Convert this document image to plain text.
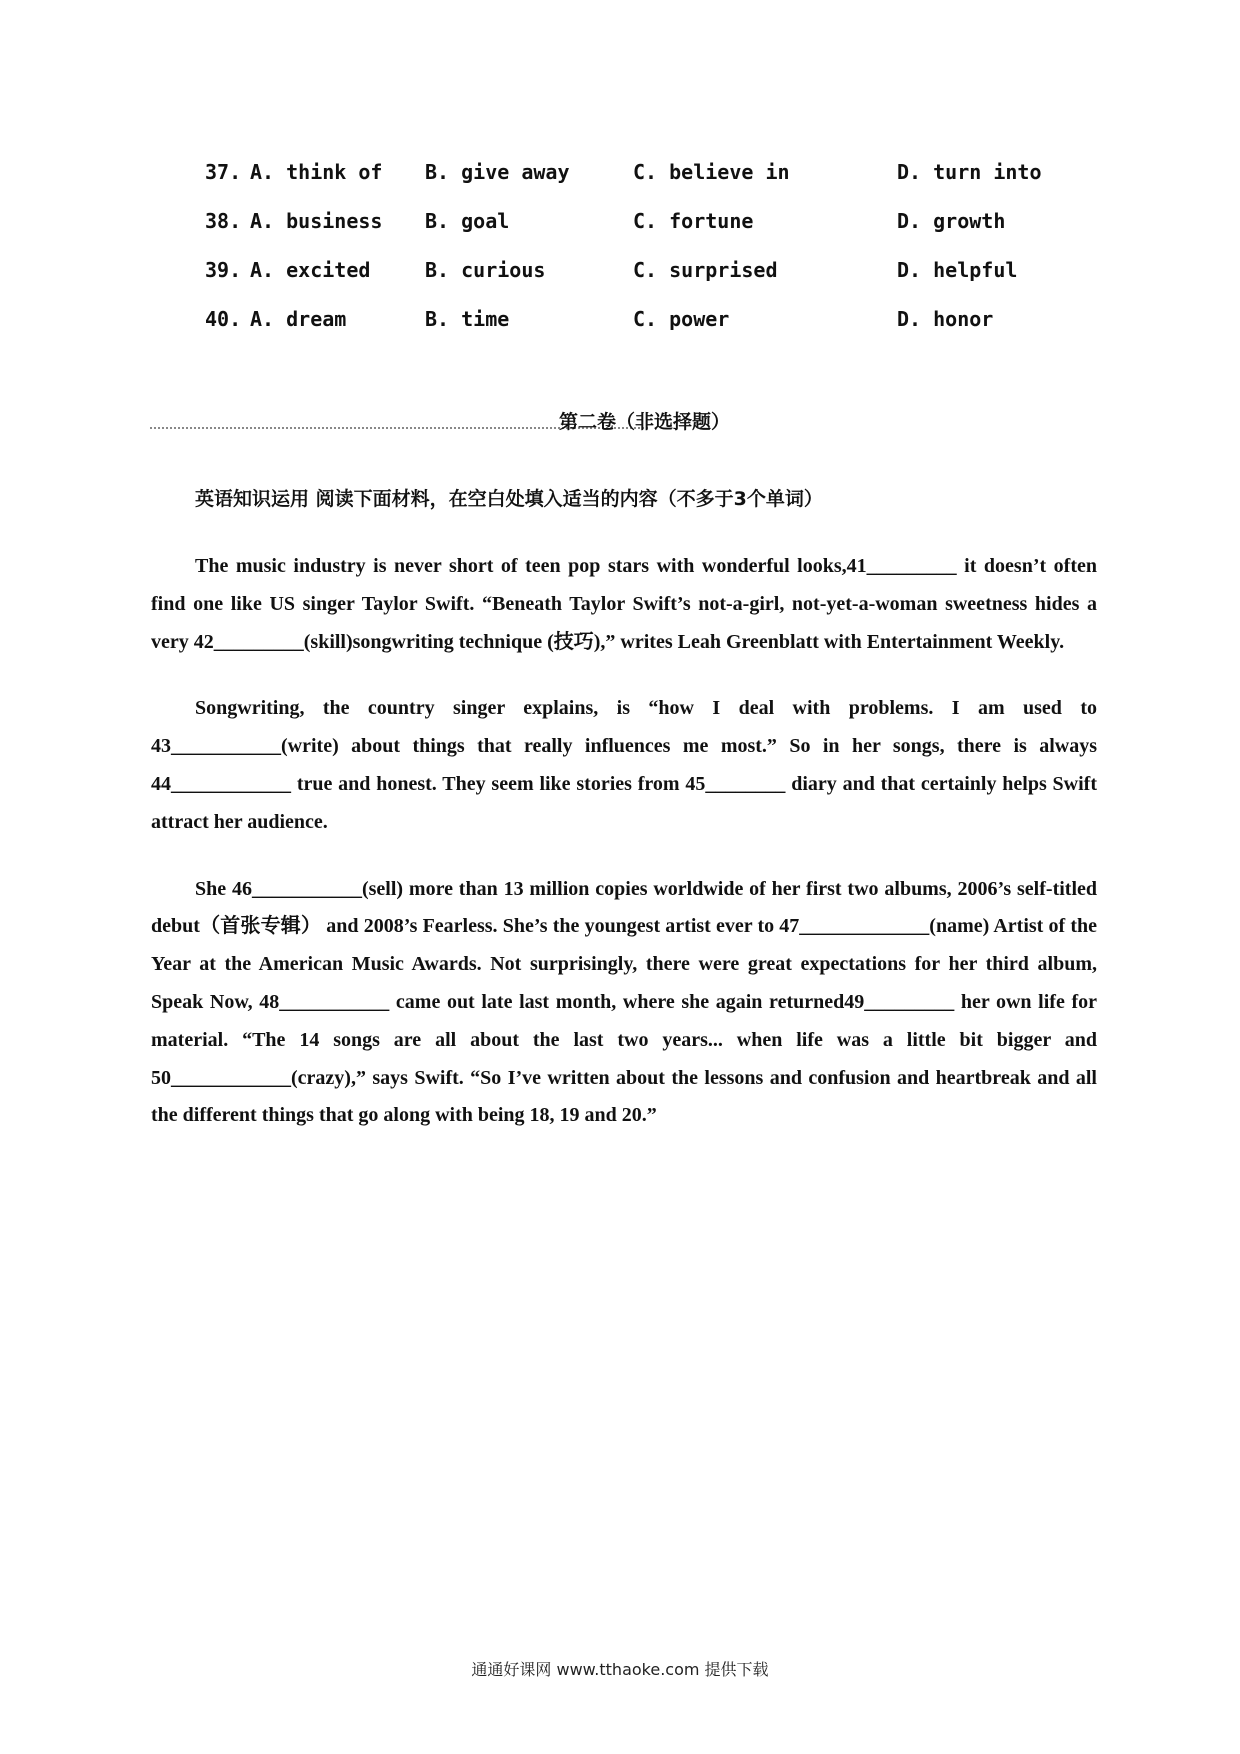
37. A. think of B. give away	C. believe in	D. turn into
38. A. business B. goal	C. fortune	D. growth
39. A. excited	B. curious	C. surprised	D. helpful
40. A. dream	B. time	C. power	D. honor
第二卷（非选择题）
英语知识运用 阅读下面材料，在空白处填入适当的内容（不多于3个单词）

The music industry is never short of teen pop stars with wonderful looks,41_________ it doesn’t often find one like US singer Taylor Swift. “Beneath Taylor Swift’s not-a-girl, not-yet-a-woman sweetness hides a very 42_________(skill)songwriting technique (技巧),” writes Leah Greenblatt with Entertainment Weekly.

Songwriting, the country singer explains, is “how I deal with problems. I am used to 43___________(write) about things that really influences me most.” So in her songs, there is always 44____________ true and honest. They seem like stories from 45________ diary and that certainly helps Swift attract her audience.

She 46___________(sell) more than 13 million copies worldwide of her first two albums, 2006’s self-titled debut（首张专辑） and 2008’s Fearless. She’s the youngest artist ever to 47_____________(name) Artist of the Year at the American Music Awards. Not surprisingly, there were great expectations for her third album, Speak Now, 48___________ came out late last month, where she again returned49_________ her own life for material. “The 14 songs are all about the last two years... when life was a little bit bigger and 50____________(crazy),” says Swift. “So I’ve written about the lessons and confusion and heartbreak and all the different things that go along with being 18, 19 and 20.”

通通好课网 www.tthaoke.com 提供下载
